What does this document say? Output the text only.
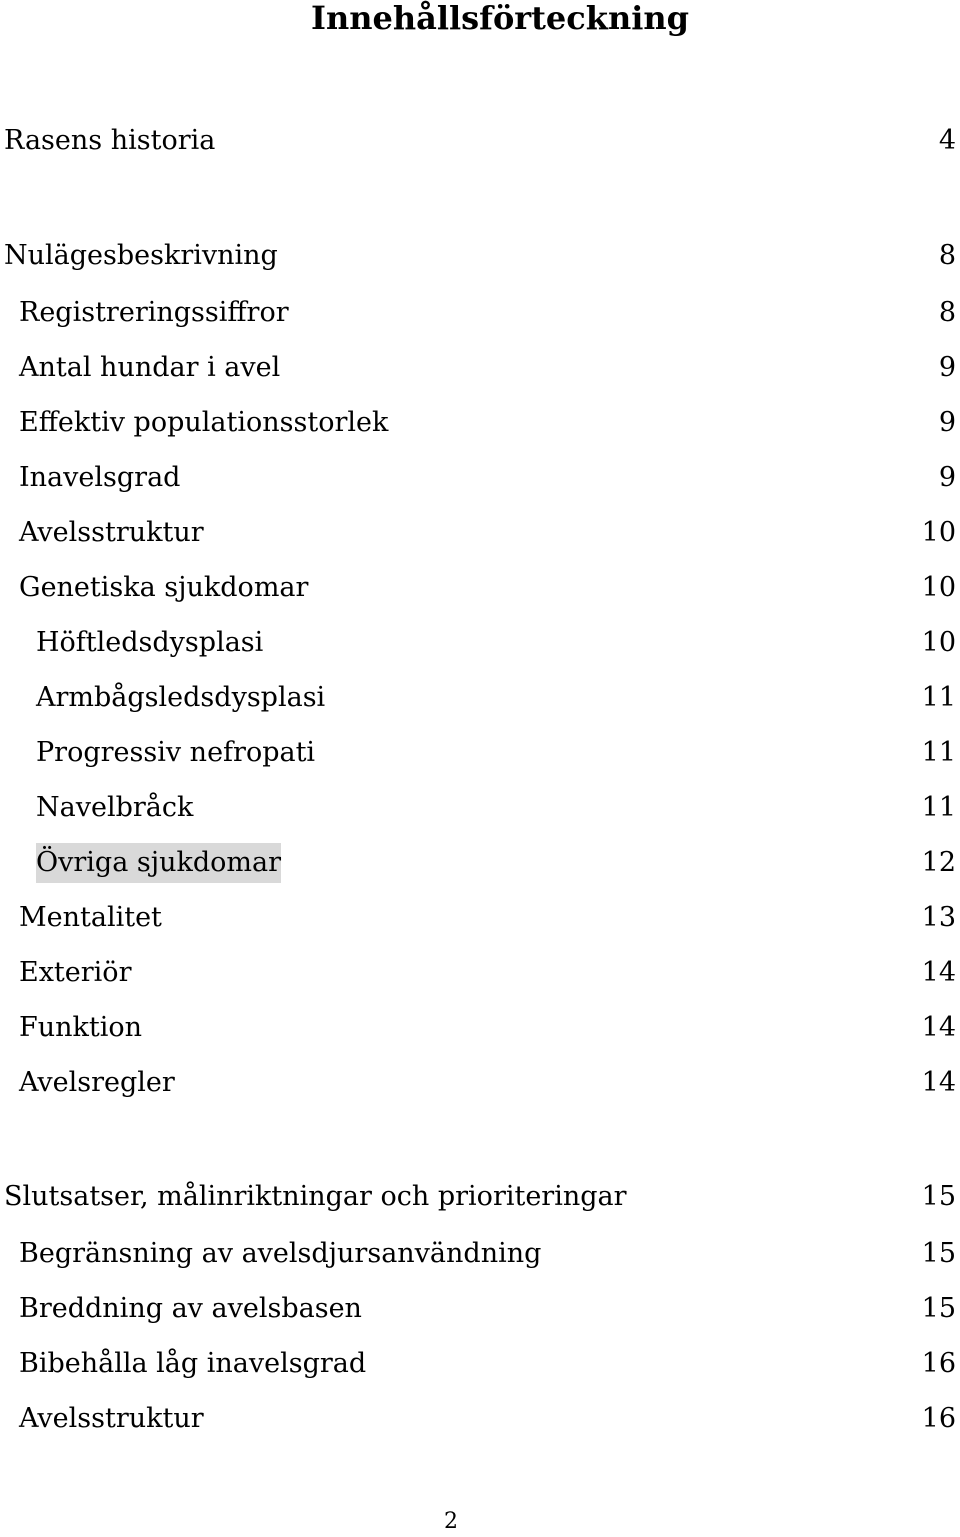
Innehållsförteckning
Rasens historia	4
Nulägesbeskrivning	8
Registreringssiffror	8
Antal hundar i avel	9
Effektiv populationsstorlek	9
Inavelsgrad	9
Avelsstruktur	10
Genetiska sjukdomar	10
Höftledsdysplasi	10
Armbågsledsdysplasi	11
Progressiv nefropati	11
Navelbråck	11
Övriga sjukdomar	12
Mentalitet	13
Exteriör	14
Funktion	14
Avelsregler	14
Slutsatser, målinriktningar och prioriteringar	15
Begränsning av avelsdjursanvändning	15
Breddning av avelsbasen	15
Bibehålla låg inavelsgrad	16
Avelsstruktur	16
2
